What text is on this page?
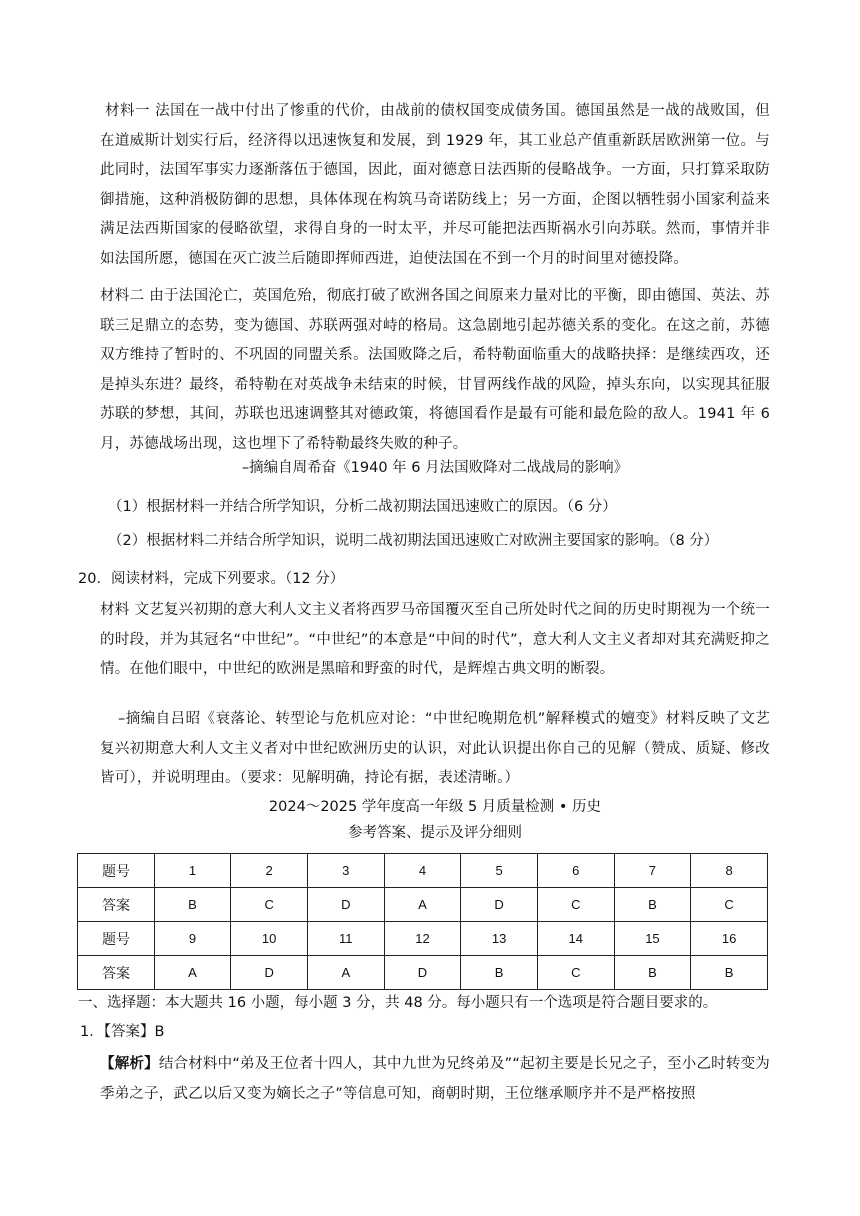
材料一 法国在一战中付出了惨重的代价，由战前的债权国变成债务国。德国虽然是一战的战败国，但在道威斯计划实行后，经济得以迅速恢复和发展，到 1929 年，其工业总产值重新跃居欧洲第一位。与此同时，法国军事实力逐渐落伍于德国，因此，面对德意日法西斯的侵略战争。一方面，只打算采取防御措施，这种消极防御的思想，具体体现在构筑马奇诺防线上；另一方面，企图以牺牲弱小国家利益来满足法西斯国家的侵略欲望，求得自身的一时太平，并尽可能把法西斯祸水引向苏联。然而，事情并非如法国所愿，德国在灭亡波兰后随即挥师西进，迫使法国在不到一个月的时间里对德投降。

材料二 由于法国沦亡，英国危殆，彻底打破了欧洲各国之间原来力量对比的平衡，即由德国、英法、苏联三足鼎立的态势，变为德国、苏联两强对峙的格局。这急剧地引起苏德关系的变化。在这之前，苏德双方维持了暂时的、不巩固的同盟关系。法国败降之后，希特勒面临重大的战略抉择：是继续西攻，还是掉头东进？最终，希特勒在对英战争未结束的时候，甘冒两线作战的风险，掉头东向，以实现其征服苏联的梦想，其间，苏联也迅速调整其对德政策，将德国看作是最有可能和最危险的敌人。1941 年 6 月，苏德战场出现，这也埋下了希特勒最终失败的种子。

–摘编自周希奋《1940 年 6 月法国败降对二战战局的影响》

（1）根据材料一并结合所学知识，分析二战初期法国迅速败亡的原因。（6 分）

（2）根据材料二并结合所学知识，说明二战初期法国迅速败亡对欧洲主要国家的影响。（8 分）

20．阅读材料，完成下列要求。（12 分）

材料 文艺复兴初期的意大利人文主义者将西罗马帝国覆灭至自己所处时代之间的历史时期视为一个统一的时段，并为其冠名“中世纪”。“中世纪”的本意是“中间的时代”，意大利人文主义者却对其充满贬抑之情。在他们眼中，中世纪的欧洲是黑暗和野蛮的时代，是辉煌古典文明的断裂。

–摘编自吕昭《衰落论、转型论与危机应对论：“中世纪晚期危机”解释模式的嬗变》材料反映了文艺复兴初期意大利人文主义者对中世纪欧洲历史的认识，对此认识提出你自己的见解（赞成、质疑、修改皆可），并说明理由。（要求：见解明确，持论有据，表述清晰。）

2024～2025 学年度高一年级 5 月质量检测 • 历史

参考答案、提示及评分细则

题号	1	2	3	4	5	6	7	8
答案	B	C	D	A	D	C	B	C
题号	9	10	11	12	13	14	15	16
答案	A	D	A	D	B	C	B	B

一、选择题：本大题共 16 小题，每小题 3 分，共 48 分。每小题只有一个选项是符合题目要求的。

1．【答案】B

【解析】结合材料中“弟及王位者十四人，其中九世为兄终弟及”“起初主要是长兄之子，至小乙时转变为季弟之子，武乙以后又变为嫡长之子”等信息可知，商朝时期，王位继承顺序并不是严格按照
